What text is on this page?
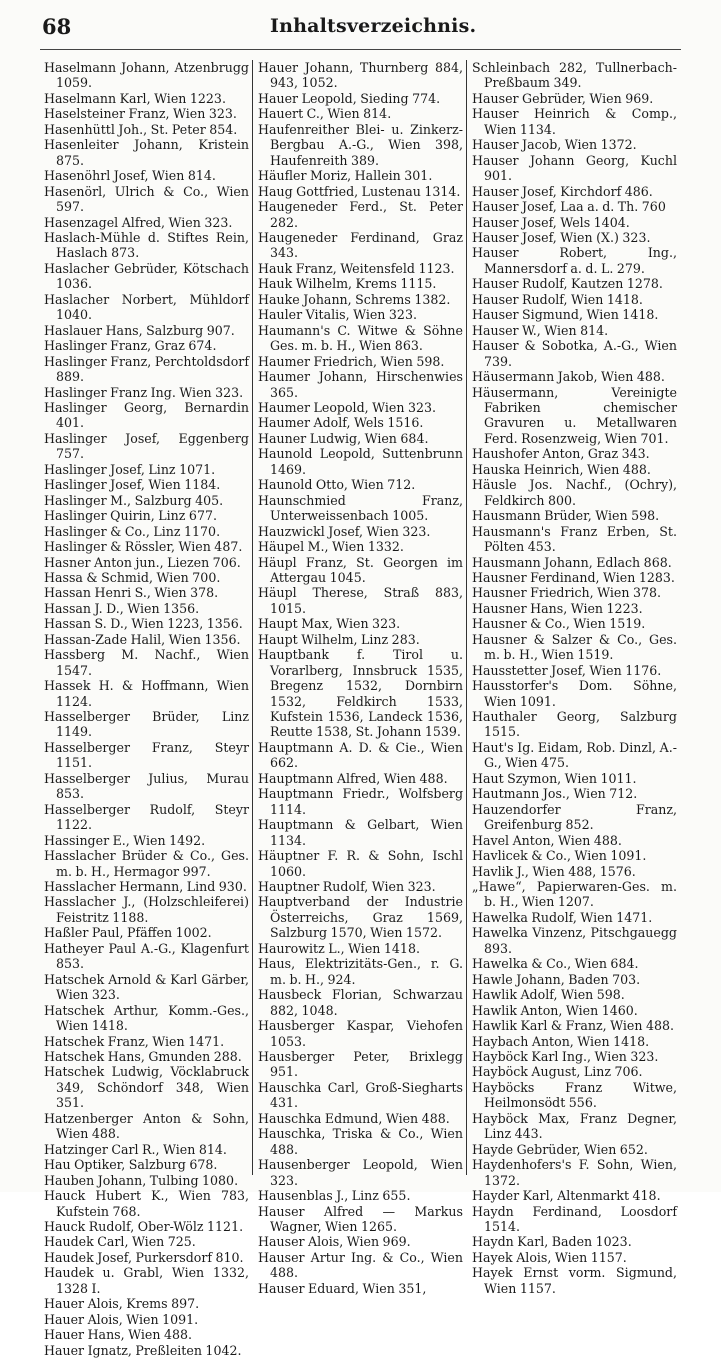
68	Inhaltsverzeichnis.

Haselmann Johann, Atzenbrugg 1059.

Haselmann Karl, Wien 1223.

Haselsteiner Franz, Wien 323.

Hasenhüttl Joh., St. Peter 854.

Hasenleiter Johann, Kristein 875.

Hasenöhrl Josef, Wien 814.

Hasenörl, Ulrich & Co., Wien 597.

Hasenzagel Alfred, Wien 323.

Haslach-Mühle d. Stiftes Rein, Haslach 873.

Haslacher Gebrüder, Kötschach 1036.

Haslacher Norbert, Mühldorf 1040.

Haslauer Hans, Salzburg 907.

Haslinger Franz, Graz 674.

Haslinger Franz, Perchtoldsdorf 889.

Haslinger Franz Ing. Wien 323.

Haslinger Georg, Bernardin 401.

Haslinger Josef, Eggenberg 757.

Haslinger Josef, Linz 1071.

Haslinger Josef, Wien 1184.

Haslinger M., Salzburg 405.

Haslinger Quirin, Linz 677.

Haslinger & Co., Linz 1170.

Haslinger & Rössler, Wien 487.

Hasner Anton jun., Liezen 706.

Hassa & Schmid, Wien 700.

Hassan Henri S., Wien 378.

Hassan J. D., Wien 1356.

Hassan S. D., Wien 1223, 1356.

Hassan-Zade Halil, Wien 1356.

Hassberg M. Nachf., Wien 1547.

Hassek H. & Hoffmann, Wien 1124.

Hasselberger Brüder, Linz 1149.

Hasselberger Franz, Steyr 1151.

Hasselberger Julius, Murau 853.

Hasselberger Rudolf, Steyr 1122.

Hassinger E., Wien 1492.

Hasslacher Brüder & Co., Ges. m. b. H., Hermagor 997.

Hasslacher Hermann, Lind 930.

Hasslacher J., (Holzschleiferei) Feistritz 1188.

Haßler Paul, Pfäffen 1002.

Hatheyer Paul A.-G., Klagenfurt 853.

Hatschek Arnold & Karl Gärber, Wien 323.

Hatschek Arthur, Komm.-Ges., Wien 1418.

Hatschek Franz, Wien 1471.

Hatschek Hans, Gmunden 288.

Hatschek Ludwig, Vöcklabruck 349, Schöndorf 348, Wien 351.

Hatzenberger Anton & Sohn, Wien 488.

Hatzinger Carl R., Wien 814.

Hau Optiker, Salzburg 678.

Hauben Johann, Tulbing 1080.

Hauck Hubert K., Wien 783, Kufstein 768.

Hauck Rudolf, Ober-Wölz 1121.

Haudek Carl, Wien 725.

Haudek Josef, Purkersdorf 810.

Haudek u. Grabl, Wien 1332, 1328 I.

Hauer Alois, Krems 897.

Hauer Alois, Wien 1091.

Hauer Hans, Wien 488.

Hauer Ignatz, Preßleiten 1042.

Hauer Johann, Thurnberg 884, 943, 1052.

Hauer Leopold, Sieding 774.

Hauert C., Wien 814.

Haufenreither Blei- u. Zinkerz-Bergbau A.-G., Wien 398, Haufenreith 389.

Häufler Moriz, Hallein 301.

Haug Gottfried, Lustenau 1314.

Haugeneder Ferd., St. Peter 282.

Haugeneder Ferdinand, Graz 343.

Hauk Franz, Weitensfeld 1123.

Hauk Wilhelm, Krems 1115.

Hauke Johann, Schrems 1382.

Hauler Vitalis, Wien 323.

Haumann's C. Witwe & Söhne Ges. m. b. H., Wien 863.

Haumer Friedrich, Wien 598.

Haumer Johann, Hirschenwies 365.

Haumer Leopold, Wien 323.

Haumer Adolf, Wels 1516.

Hauner Ludwig, Wien 684.

Haunold Leopold, Suttenbrunn 1469.

Haunold Otto, Wien 712.

Haunschmied Franz, Unterweissenbach 1005.

Hauzwickl Josef, Wien 323.

Häupel M., Wien 1332.

Häupl Franz, St. Georgen im Attergau 1045.

Häupl Therese, Straß 883, 1015.

Haupt Max, Wien 323.

Haupt Wilhelm, Linz 283.

Hauptbank f. Tirol u. Vorarlberg, Innsbruck 1535, Bregenz 1532, Dornbirn 1532, Feldkirch 1533, Kufstein 1536, Landeck 1536, Reutte 1538, St. Johann 1539.

Hauptmann A. D. & Cie., Wien 662.

Hauptmann Alfred, Wien 488.

Hauptmann Friedr., Wolfsberg 1114.

Hauptmann & Gelbart, Wien 1134.

Häuptner F. R. & Sohn, Ischl 1060.

Hauptner Rudolf, Wien 323.

Hauptverband der Industrie Österreichs, Graz 1569, Salzburg 1570, Wien 1572.

Haurowitz L., Wien 1418.

Haus, Elektrizitäts-Gen., r. G. m. b. H., 924.

Hausbeck Florian, Schwarzau 882, 1048.

Hausberger Kaspar, Viehofen 1053.

Hausberger Peter, Brixlegg 951.

Hauschka Carl, Groß-Siegharts 431.

Hauschka Edmund, Wien 488.

Hauschka, Triska & Co., Wien 488.

Hausenberger Leopold, Wien 323.

Hausenblas J., Linz 655.

Hauser Alfred — Markus Wagner, Wien 1265.

Hauser Alois, Wien 969.

Hauser Artur Ing. & Co., Wien 488.

Hauser Eduard, Wien 351,

Schleinbach 282, Tullnerbach-Preßbaum 349.

Hauser Gebrüder, Wien 969.

Hauser Heinrich & Comp., Wien 1134.

Hauser Jacob, Wien 1372.

Hauser Johann Georg, Kuchl 901.

Hauser Josef, Kirchdorf 486.

Hauser Josef, Laa a. d. Th. 760

Hauser Josef, Wels 1404.

Hauser Josef, Wien (X.) 323.

Hauser Robert, Ing., Mannersdorf a. d. L. 279.

Hauser Rudolf, Kautzen 1278.

Hauser Rudolf, Wien 1418.

Hauser Sigmund, Wien 1418.

Hauser W., Wien 814.

Hauser & Sobotka, A.-G., Wien 739.

Häusermann Jakob, Wien 488.

Häusermann, Vereinigte Fabriken chemischer Gravuren u. Metallwaren Ferd. Rosenzweig, Wien 701.

Haushofer Anton, Graz 343.

Hauska Heinrich, Wien 488.

Häusle Jos. Nachf., (Ochry), Feldkirch 800.

Hausmann Brüder, Wien 598.

Hausmann's Franz Erben, St. Pölten 453.

Hausmann Johann, Edlach 868.

Hausner Ferdinand, Wien 1283.

Hausner Friedrich, Wien 378.

Hausner Hans, Wien 1223.

Hausner & Co., Wien 1519.

Hausner & Salzer & Co., Ges. m. b. H., Wien 1519.

Hausstetter Josef, Wien 1176.

Hausstorfer's Dom. Söhne, Wien 1091.

Hauthaler Georg, Salzburg 1515.

Haut's Ig. Eidam, Rob. Dinzl, A.-G., Wien 475.

Haut Szymon, Wien 1011.

Hautmann Jos., Wien 712.

Hauzendorfer Franz, Greifenburg 852.

Havel Anton, Wien 488.

Havlicek & Co., Wien 1091.

Havlik J., Wien 488, 1576.

„Hawe“, Papierwaren-Ges. m. b. H., Wien 1207.

Hawelka Rudolf, Wien 1471.

Hawelka Vinzenz, Pitschgauegg 893.

Hawelka & Co., Wien 684.

Hawle Johann, Baden 703.

Hawlik Adolf, Wien 598.

Hawlik Anton, Wien 1460.

Hawlik Karl & Franz, Wien 488.

Haybach Anton, Wien 1418.

Hayböck Karl Ing., Wien 323.

Hayböck August, Linz 706.

Hayböcks Franz Witwe, Heilmonsödt 556.

Hayböck Max, Franz Degner, Linz 443.

Hayde Gebrüder, Wien 652.

Haydenhofers's F. Sohn, Wien, 1372.

Hayder Karl, Altenmarkt 418.

Haydn Ferdinand, Loosdorf 1514.

Haydn Karl, Baden 1023.

Hayek Alois, Wien 1157.

Hayek Ernst vorm. Sigmund, Wien 1157.
